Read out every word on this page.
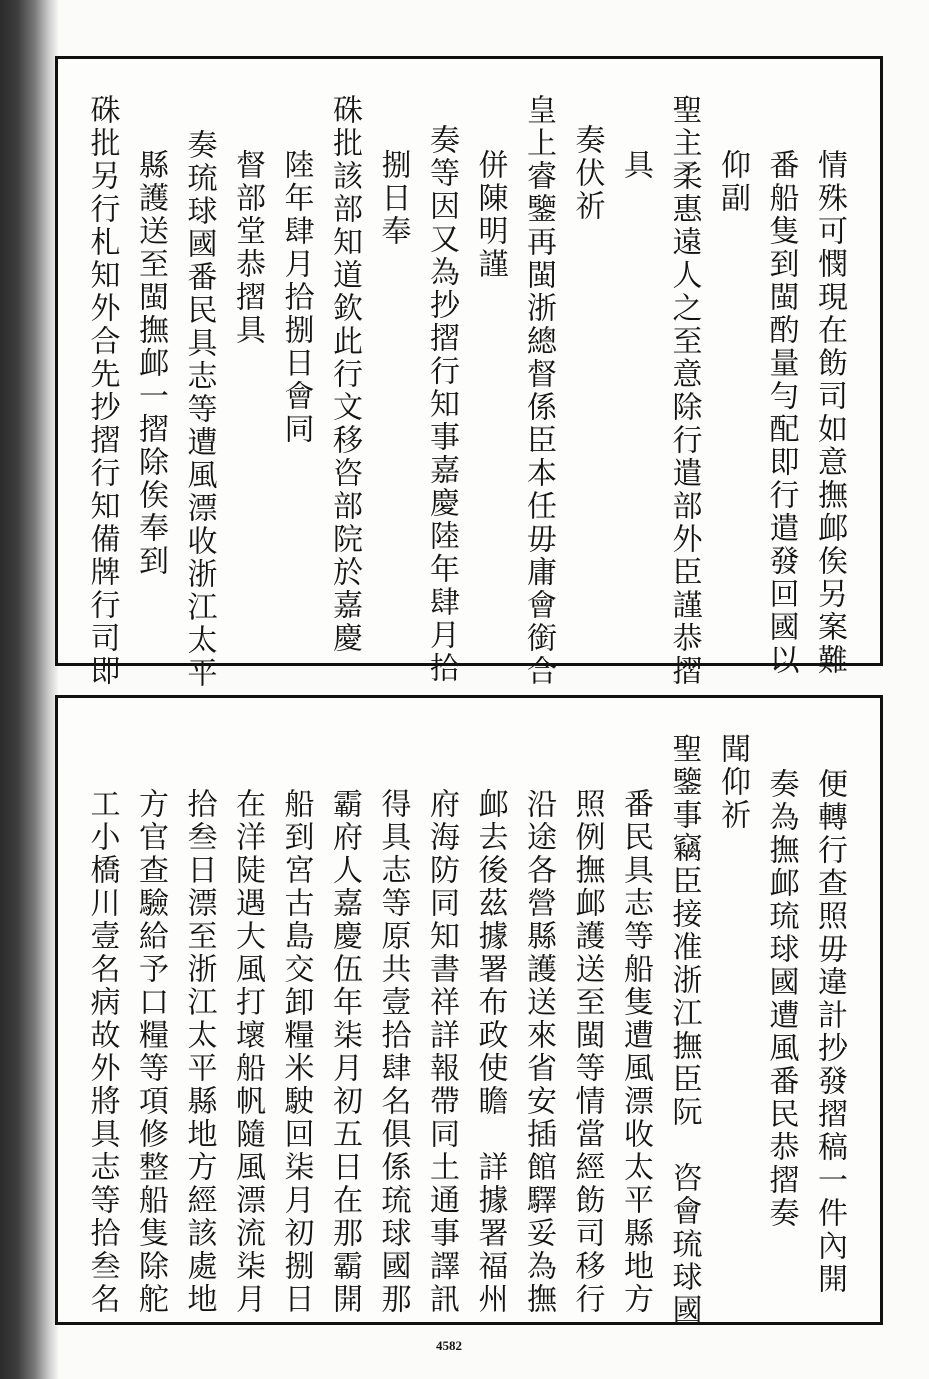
情殊可憫現在飭司如意撫䘏俟另案難
番船隻到閩酌量勻配即行遣發回國以
仰副
聖主柔惠遠人之至意除行遣部外臣謹恭摺
具
奏伏祈
皇上睿鑒再閩浙總督係臣本任毋庸會銜合
併陳明謹
奏等因又為抄摺行知事嘉慶陸年肆月拾
捌日奉
硃批該部知道欽此行文移咨部院於嘉慶
陸年肆月拾捌日會同
督部堂恭摺具
奏琉球國番民具志等遭風漂收浙江太平
縣護送至閩撫䘏一摺除俟奉到
硃批另行札知外合先抄摺行知備牌行司即
便轉行查照毋違計抄發摺稿一件內開
奏為撫䘏琉球國遭風番民恭摺奏
聞仰祈
聖鑒事竊臣接准浙江撫臣阮　咨會琉球國
番民具志等船隻遭風漂收太平縣地方
照例撫䘏護送至閩等情當經飭司移行
沿途各營縣護送來省安插館驛妥為撫
䘏去後茲據署布政使瞻　詳據署福州
府海防同知書祥詳報帶同土通事譯訊
得具志等原共壹拾肆名俱係琉球國那
霸府人嘉慶伍年柒月初五日在那霸開
船到宮古島交卸糧米駛回柒月初捌日
在洋陡遇大風打壞船帆隨風漂流柒月
拾叁日漂至浙江太平縣地方經該處地
方官查驗給予口糧等項修整船隻除舵
工小橋川壹名病故外將具志等拾叁名
4582
